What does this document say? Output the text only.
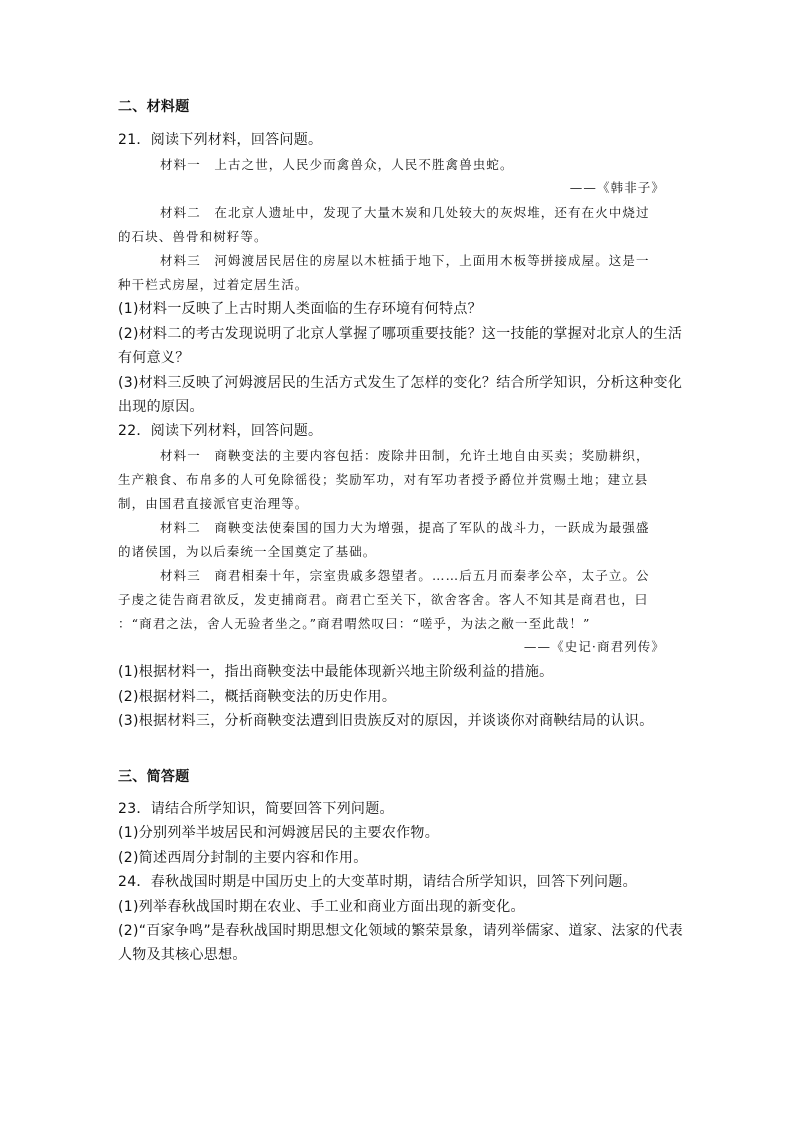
二、材料题
21．阅读下列材料，回答问题。
材料一　上古之世，人民少而禽兽众，人民不胜禽兽虫蛇。
——《韩非子》
材料二　在北京人遗址中，发现了大量木炭和几处较大的灰烬堆，还有在火中烧过
的石块、兽骨和树籽等。
材料三　河姆渡居民居住的房屋以木桩插于地下，上面用木板等拼接成屋。这是一
种干栏式房屋，过着定居生活。
(1)材料一反映了上古时期人类面临的生存环境有何特点？
(2)材料二的考古发现说明了北京人掌握了哪项重要技能？这一技能的掌握对北京人的生活
有何意义？
(3)材料三反映了河姆渡居民的生活方式发生了怎样的变化？结合所学知识，分析这种变化
出现的原因。
22．阅读下列材料，回答问题。
材料一　商鞅变法的主要内容包括：废除井田制，允许土地自由买卖；奖励耕织，
生产粮食、布帛多的人可免除徭役；奖励军功，对有军功者授予爵位并赏赐土地；建立县
制，由国君直接派官吏治理等。
材料二　商鞅变法使秦国的国力大为增强，提高了军队的战斗力，一跃成为最强盛
的诸侯国，为以后秦统一全国奠定了基础。
材料三　商君相秦十年，宗室贵戚多怨望者。……后五月而秦孝公卒，太子立。公
子虔之徒告商君欲反，发吏捕商君。商君亡至关下，欲舍客舍。客人不知其是商君也，曰
：“商君之法，舍人无验者坐之。”商君喟然叹曰：“嗟乎，为法之敝一至此哉！”
——《史记·商君列传》
(1)根据材料一，指出商鞅变法中最能体现新兴地主阶级利益的措施。
(2)根据材料二，概括商鞅变法的历史作用。
(3)根据材料三，分析商鞅变法遭到旧贵族反对的原因，并谈谈你对商鞅结局的认识。
三、简答题
23．请结合所学知识，简要回答下列问题。
(1)分别列举半坡居民和河姆渡居民的主要农作物。
(2)简述西周分封制的主要内容和作用。
24．春秋战国时期是中国历史上的大变革时期，请结合所学知识，回答下列问题。
(1)列举春秋战国时期在农业、手工业和商业方面出现的新变化。
(2)“百家争鸣”是春秋战国时期思想文化领域的繁荣景象，请列举儒家、道家、法家的代表
人物及其核心思想。
